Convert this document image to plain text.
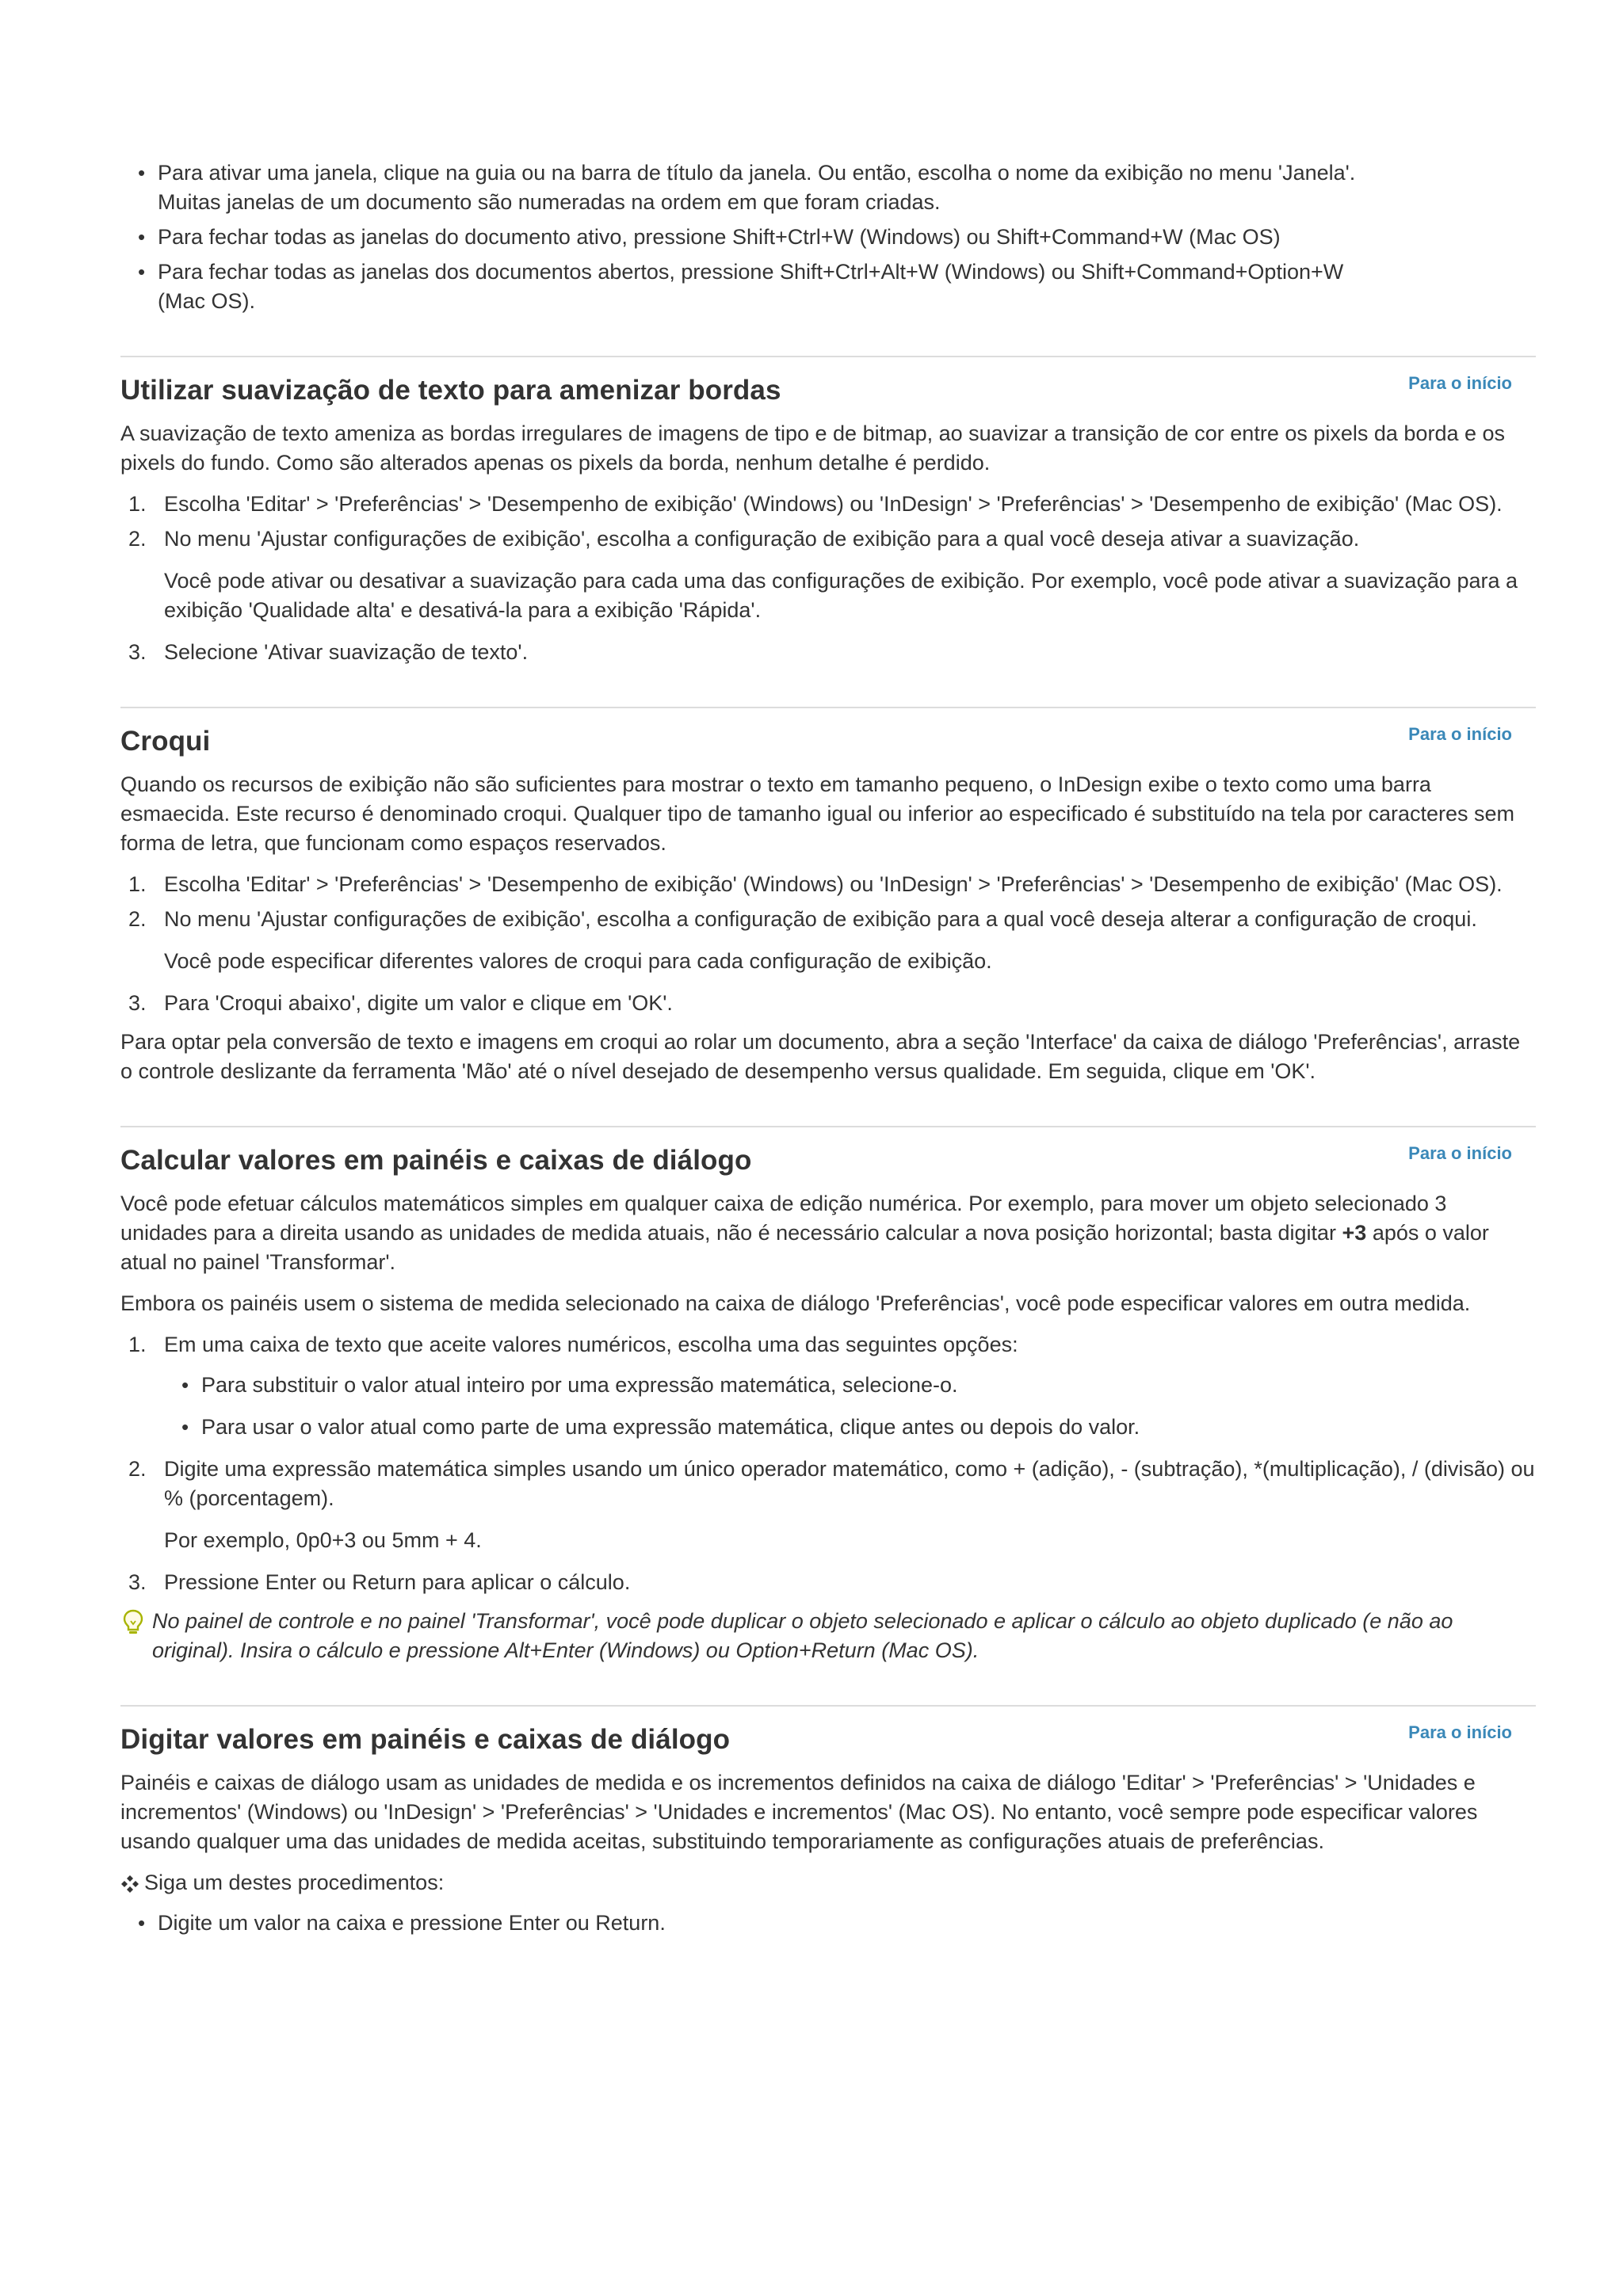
• Para ativar uma janela, clique na guia ou na barra de título da janela. Ou então, escolha o nome da exibição no menu 'Janela'. Muitas janelas de um documento são numeradas na ordem em que foram criadas.
• Para fechar todas as janelas do documento ativo, pressione Shift+Ctrl+W (Windows) ou Shift+Command+W (Mac OS)
• Para fechar todas as janelas dos documentos abertos, pressione Shift+Ctrl+Alt+W (Windows) ou Shift+Command+Option+W (Mac OS).
Para o início
Utilizar suavização de texto para amenizar bordas

A suavização de texto ameniza as bordas irregulares de imagens de tipo e de bitmap, ao suavizar a transição de cor entre os pixels da borda e os pixels do fundo. Como são alterados apenas os pixels da borda, nenhum detalhe é perdido.

1. Escolha 'Editar' > 'Preferências' > 'Desempenho de exibição' (Windows) ou 'InDesign' > 'Preferências' > 'Desempenho de exibição' (Mac OS).
2. No menu 'Ajustar configurações de exibição', escolha a configuração de exibição para a qual você deseja ativar a suavização.
Você pode ativar ou desativar a suavização para cada uma das configurações de exibição. Por exemplo, você pode ativar a suavização para a exibição 'Qualidade alta' e desativá-la para a exibição 'Rápida'.
3. Selecione 'Ativar suavização de texto'.
Para o início
Croqui

Quando os recursos de exibição não são suficientes para mostrar o texto em tamanho pequeno, o InDesign exibe o texto como uma barra esmaecida. Este recurso é denominado croqui. Qualquer tipo de tamanho igual ou inferior ao especificado é substituído na tela por caracteres sem forma de letra, que funcionam como espaços reservados.

1. Escolha 'Editar' > 'Preferências' > 'Desempenho de exibição' (Windows) ou 'InDesign' > 'Preferências' > 'Desempenho de exibição' (Mac OS).
2. No menu 'Ajustar configurações de exibição', escolha a configuração de exibição para a qual você deseja alterar a configuração de croqui.
Você pode especificar diferentes valores de croqui para cada configuração de exibição.
3. Para 'Croqui abaixo', digite um valor e clique em 'OK'.

Para optar pela conversão de texto e imagens em croqui ao rolar um documento, abra a seção 'Interface' da caixa de diálogo 'Preferências', arraste o controle deslizante da ferramenta 'Mão' até o nível desejado de desempenho versus qualidade. Em seguida, clique em 'OK'.

Para o início
Calcular valores em painéis e caixas de diálogo

Você pode efetuar cálculos matemáticos simples em qualquer caixa de edição numérica. Por exemplo, para mover um objeto selecionado 3 unidades para a direita usando as unidades de medida atuais, não é necessário calcular a nova posição horizontal; basta digitar +3 após o valor atual no painel 'Transformar'.

Embora os painéis usem o sistema de medida selecionado na caixa de diálogo 'Preferências', você pode especificar valores em outra medida.

1. Em uma caixa de texto que aceite valores numéricos, escolha uma das seguintes opções:
• Para substituir o valor atual inteiro por uma expressão matemática, selecione-o.
• Para usar o valor atual como parte de uma expressão matemática, clique antes ou depois do valor.
2. Digite uma expressão matemática simples usando um único operador matemático, como + (adição), - (subtração), *(multiplicação), / (divisão) ou % (porcentagem).
Por exemplo, 0p0+3 ou 5mm + 4.
3. Pressione Enter ou Return para aplicar o cálculo.
No painel de controle e no painel 'Transformar', você pode duplicar o objeto selecionado e aplicar o cálculo ao objeto duplicado (e não ao original). Insira o cálculo e pressione Alt+Enter (Windows) ou Option+Return (Mac OS).
Para o início
Digitar valores em painéis e caixas de diálogo

Painéis e caixas de diálogo usam as unidades de medida e os incrementos definidos na caixa de diálogo 'Editar' > 'Preferências' > 'Unidades e incrementos' (Windows) ou 'InDesign' > 'Preferências' > 'Unidades e incrementos' (Mac OS). No entanto, você sempre pode especificar valores usando qualquer uma das unidades de medida aceitas, substituindo temporariamente as configurações atuais de preferências.

Siga um destes procedimentos:
• Digite um valor na caixa e pressione Enter ou Return.
